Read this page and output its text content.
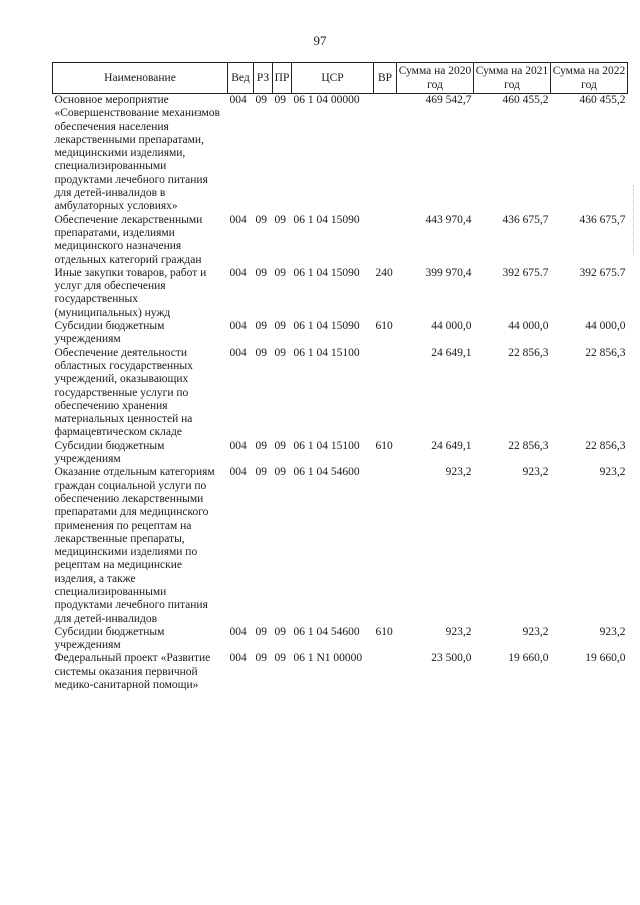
97
Наименование	Вед	РЗ	ПР	ЦСР	ВР	Сумма на 2020 год	Сумма на 2021 год	Сумма на 2022 год
Основное мероприятие «Совершенствование механизмов обеспечения населения лекарственными препаратами, медицинскими изделиями, специализированными продуктами лечебного питания для детей-инвалидов в амбулаторных условиях»	004	09	09	06 1 04 00000		469 542,7	460 455,2	460 455,2
Обеспечение лекарственными препаратами, изделиями медицинского назначения отдельных категорий граждан	004	09	09	06 1 04 15090		443 970,4	436 675,7	436 675,7
Иные закупки товаров, работ и услуг для обеспечения государственных (муниципальных) нужд	004	09	09	06 1 04 15090	240	399 970,4	392 675.7	392 675.7
Субсидии бюджетным учреждениям	004	09	09	06 1 04 15090	610	44 000,0	44 000,0	44 000,0
Обеспечение деятельности областных государственных учреждений, оказывающих государственные услуги по обеспечению хранения материальных ценностей на фармацевтическом складе	004	09	09	06 1 04 15100		24 649,1	22 856,3	22 856,3
Субсидии бюджетным учреждениям	004	09	09	06 1 04 15100	610	24 649,1	22 856,3	22 856,3
Оказание отдельным категориям граждан социальной услуги по обеспечению лекарственными препаратами для медицинского применения по рецептам на лекарственные препараты, медицинскими изделиями по рецептам на медицинские изделия, а также специализированными продуктами лечебного питания для детей-инвалидов	004	09	09	06 1 04 54600		923,2	923,2	923,2
Субсидии бюджетным учреждениям	004	09	09	06 1 04 54600	610	923,2	923,2	923,2
Федеральный проект «Развитие системы оказания первичной медико-санитарной помощи»	004	09	09	06 1 N1 00000		23 500,0	19 660,0	19 660,0
